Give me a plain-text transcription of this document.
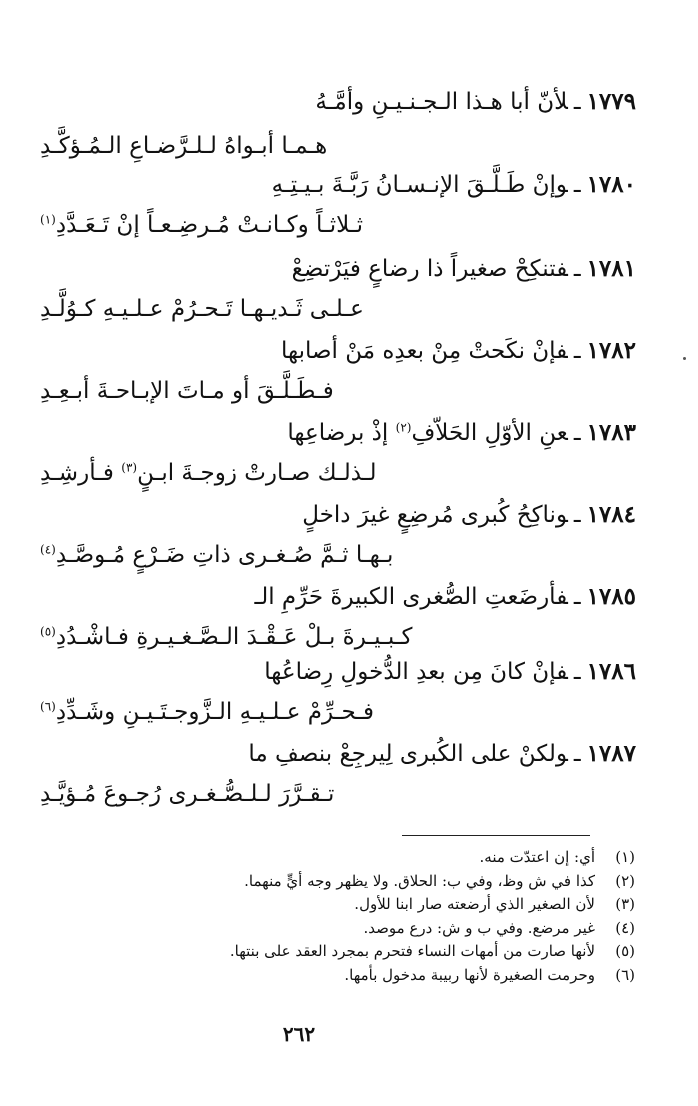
١٧٧٩ـلأنّ أبا هـذا الـجـنـيـنِ وأمَّـهُ
هـمـا أبـواهُ لـلـرَّضـاعِ الـمُـؤكَّـدِ
١٧٨٠ـوإنْ طَـلَّـقَ الإنـسـانُ رَبَّـةَ بـيـتِـهِ
ثـلاثـاً وكـانـتْ مُـرضِـعـاً إنْ تَـعَـدَّدِ$^{(١)}$
١٧٨١ـفتنكِحْ صغيراً ذا رضاعٍ فيَرْتضِعْ
عـلـى ثَـديـهـا تَـحـرُمْ عـلـيـهِ كـوُلَّـدِ
١٧٨٢ـفإنْ نكَحتْ مِنْ بعدِه مَنْ أصابها
فـطَـلَّـقَ أو مـاتَ الإبـاحـةَ أبـعِـدِ
١٧٨٣ـعنِ الأوّلِ الحَلاّفِ$^{(٢)}$ إذْ برضاعِها
لـذلـك صـارتْ زوجـةَ ابـنٍ$^{(٣)}$ فـأرشِـدِ
١٧٨٤ـوناكِحُ كُبرى مُرضِعٍ غيرَ داخلٍ
بـهـا ثـمَّ صُـغـرى ذاتِ ضَـرْعٍ مُـوصَّـدِ$^{(٤)}$
١٧٨٥ـفأرضَعتِ الصُّغرى الكبيرةَ حَرِّمِ الـ
كـبـيـرةَ بـلْ عَـقْـدَ الـصَّـغـيـرةِ فـاشْـدُدِ$^{(٥)}$
١٧٨٦ـفإنْ كانَ مِن بعدِ الدُّخولِ رِضاعُها
فـحـرِّمْ عـلـيـهِ الـزَّوجـتَـيـنِ وشَـدِّدِ$^{(٦)}$
١٧٨٧ـولكنْ على الكُبرى لِيرجِعْ بنصفِ ما
تـقـرَّرَ لـلـصُّـغـرى رُجـوعَ مُـؤيَّـدِ
(١)أي: إن اعتدّت منه.
(٢)كذا في ش وظ، وفي ب: الحلاق. ولا يظهر وجه أيٍّ منهما.
(٣)لأن الصغير الذي أرضعته صار ابنا للأول.
(٤)غير مرضع. وفي ب و ش: درع موصد.
(٥)لأنها صارت من أمهات النساء فتحرم بمجرد العقد على بنتها.
(٦)وحرمت الصغيرة لأنها ربيبة مدخول بأمها.
٢٦٢
